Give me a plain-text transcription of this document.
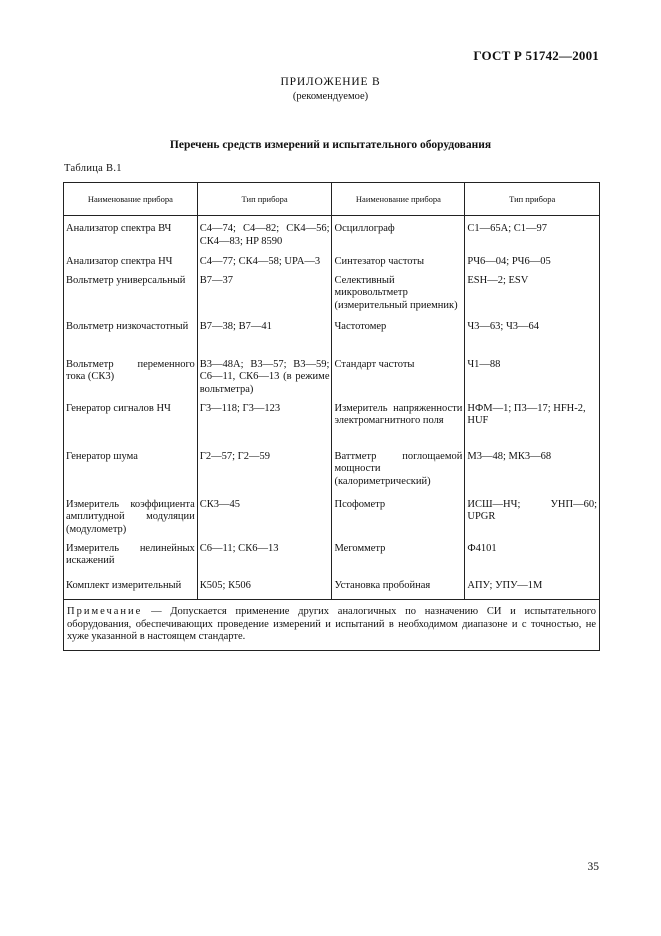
ГОСТ Р 51742—2001
ПРИЛОЖЕНИЕ В
(рекомендуемое)
Перечень средств измерений и испытательного оборудования
Таблица В.1
Наименование прибора	Тип прибора	Наименование прибора	Тип прибора
Анализатор спектра ВЧ	С4—74; С4—82; СК4—56; СК4—83; HP 8590	Осциллограф	С1—65А; С1—97
Анализатор спектра НЧ	С4—77; СК4—58; UPA—3	Синтезатор частоты	РЧ6—04; РЧ6—05
Вольтметр универсальный	В7—37	Селективный микровольтметр (измерительный приемник)	ESH—2; ESV
Вольтметр низкочастотный	В7—38; В7—41	Частотомер	Ч3—63; Ч3—64
Вольтметр переменного тока (СК3)	В3—48А; В3—57; В3—59; С6—11, СК6—13 (в режиме вольтметра)	Стандарт частоты	Ч1—88
Генератор сигналов НЧ	Г3—118; Г3—123	Измеритель напряженности электромагнитного поля	НФМ—1; П3—17; HFH-2, HUF
Генератор шума	Г2—57; Г2—59	Ваттметр поглощаемой мощности (калориметрический)	М3—48; МК3—68
Измеритель коэффициента амплитудной модуляции (модулометр)	СК3—45	Псофометр	ИСШ—НЧ; УНП—60; UPGR
Измеритель нелинейных искажений	С6—11; СК6—13	Мегомметр	Ф4101
Комплект измерительный	К505; К506	Установка пробойная	АПУ; УПУ—1М
Примечание — Допускается применение других аналогичных по назначению СИ и испытательного оборудования, обеспечивающих проведение измерений и испытаний в необходимом диапазоне и с точностью, не хуже указанной в настоящем стандарте.			
35
